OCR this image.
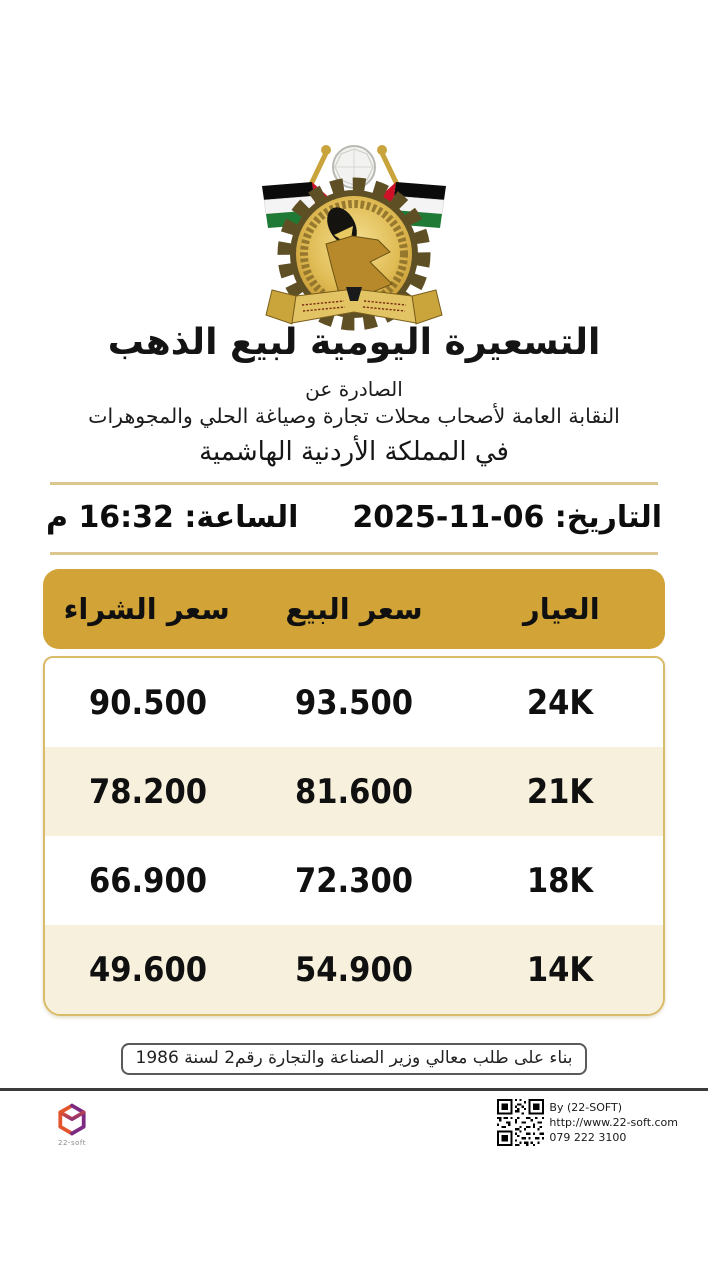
التسعيرة اليومية لبيع الذهب
الصادرة عن
النقابة العامة لأصحاب محلات تجارة وصياغة الحلي والمجوهرات
في المملكة الأردنية الهاشمية
التاريخ: 06-11-2025
الساعة: 16:32 م
العيار
سعر البيع
سعر الشراء
24K
93.500
90.500
21K
81.600
78.200
18K
72.300
66.900
14K
54.900
49.600
بناء على طلب معالي وزير الصناعة والتجارة رقم2 لسنة 1986
22-soft
By (22-SOFT)
http://www.22-soft.com
079 222 3100
